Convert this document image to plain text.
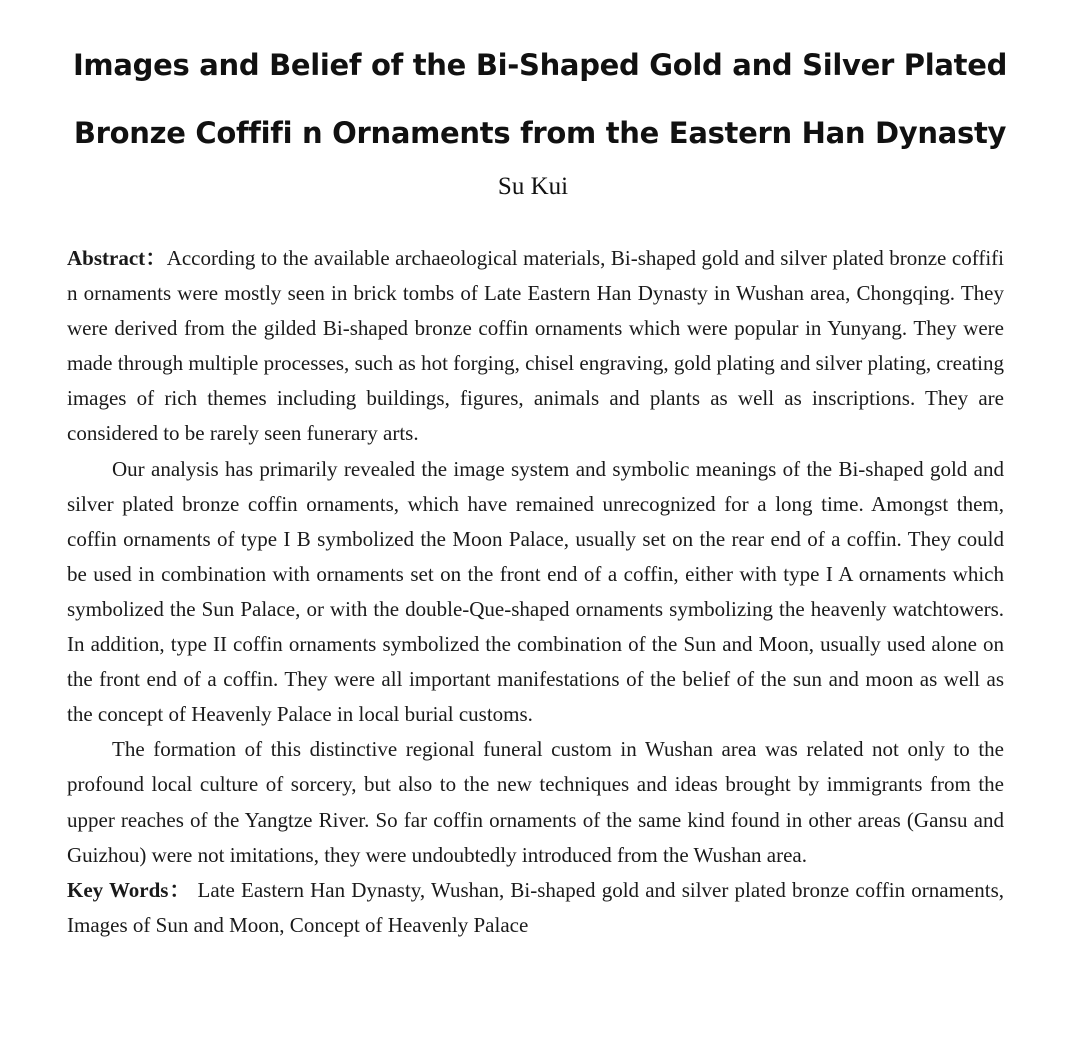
Images and Belief of the Bi-Shaped Gold and Silver Plated
Bronze Coffifi n Ornaments from the Eastern Han Dynasty
Su Kui

Abstract：According to the available archaeological materials, Bi-shaped gold and silver plated bronze coffifi n ornaments were mostly seen in brick tombs of Late Eastern Han Dynasty in Wushan area, Chongqing. They were derived from the gilded Bi-shaped bronze coffin ornaments which were popular in Yunyang. They were made through multiple processes, such as hot forging, chisel engraving, gold plating and silver plating, creating images of rich themes including buildings, figures, animals and plants as well as inscriptions. They are considered to be rarely seen funerary arts.

Our analysis has primarily revealed the image system and symbolic meanings of the Bi-shaped gold and silver plated bronze coffin ornaments, which have remained unrecognized for a long time. Amongst them, coffin ornaments of type I B symbolized the Moon Palace, usually set on the rear end of a coffin. They could be used in combination with ornaments set on the front end of a coffin, either with type I A ornaments which symbolized the Sun Palace, or with the double-Que-shaped ornaments symbolizing the heavenly watchtowers. In addition, type II coffin ornaments symbolized the combination of the Sun and Moon, usually used alone on the front end of a coffin. They were all important manifestations of the belief of the sun and moon as well as the concept of Heavenly Palace in local burial customs.

The formation of this distinctive regional funeral custom in Wushan area was related not only to the profound local culture of sorcery, but also to the new techniques and ideas brought by immigrants from the upper reaches of the Yangtze River. So far coffin ornaments of the same kind found in other areas (Gansu and Guizhou) were not imitations, they were undoubtedly introduced from the Wushan area.

Key Words： Late Eastern Han Dynasty, Wushan, Bi-shaped gold and silver plated bronze coffin ornaments, Images of Sun and Moon, Concept of Heavenly Palace
